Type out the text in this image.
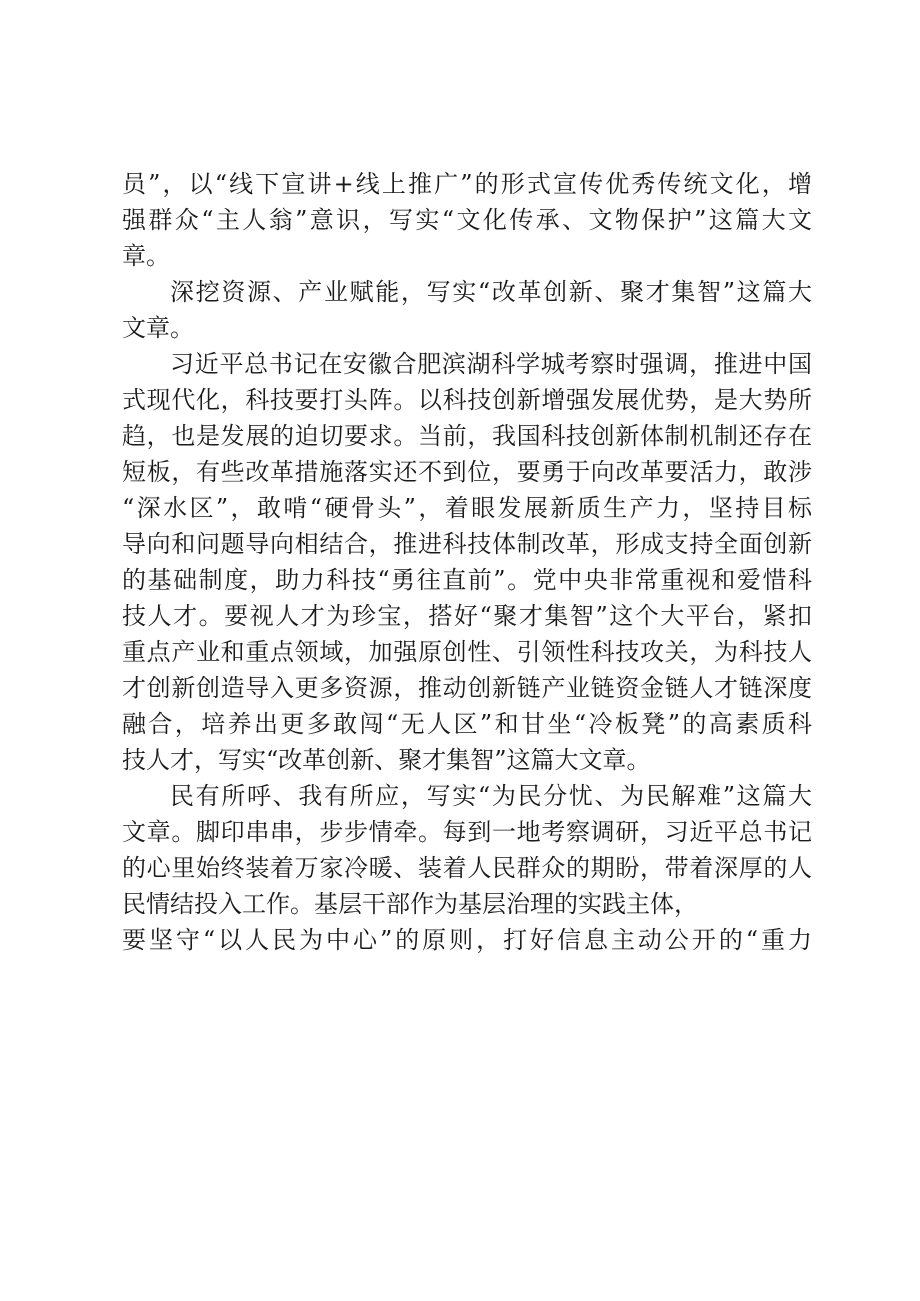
员”，以“线下宣讲+线上推广”的形式宣传优秀传统文化，增
强群众“主人翁”意识，写实“文化传承、文物保护”这篇大文
章。
深挖资源、产业赋能，写实“改革创新、聚才集智”这篇大
文章。
习近平总书记在安徽合肥滨湖科学城考察时强调，推进中国
式现代化，科技要打头阵。以科技创新增强发展优势，是大势所
趋，也是发展的迫切要求。当前，我国科技创新体制机制还存在
短板，有些改革措施落实还不到位，要勇于向改革要活力，敢涉
“深水区”，敢啃“硬骨头”，着眼发展新质生产力，坚持目标
导向和问题导向相结合，推进科技体制改革，形成支持全面创新
的基础制度，助力科技“勇往直前”。党中央非常重视和爱惜科
技人才。要视人才为珍宝，搭好“聚才集智”这个大平台，紧扣
重点产业和重点领域，加强原创性、引领性科技攻关，为科技人
才创新创造导入更多资源，推动创新链产业链资金链人才链深度
融合，培养出更多敢闯“无人区”和甘坐“冷板凳”的高素质科
技人才，写实“改革创新、聚才集智”这篇大文章。
民有所呼、我有所应，写实“为民分忧、为民解难”这篇大
文章。脚印串串，步步情牵。每到一地考察调研，习近平总书记
的心里始终装着万家冷暖、装着人民群众的期盼，带着深厚的人
民情结投入工作。基层干部作为基层治理的实践主体，
要坚守“以人民为中心”的原则，打好信息主动公开的“重力
